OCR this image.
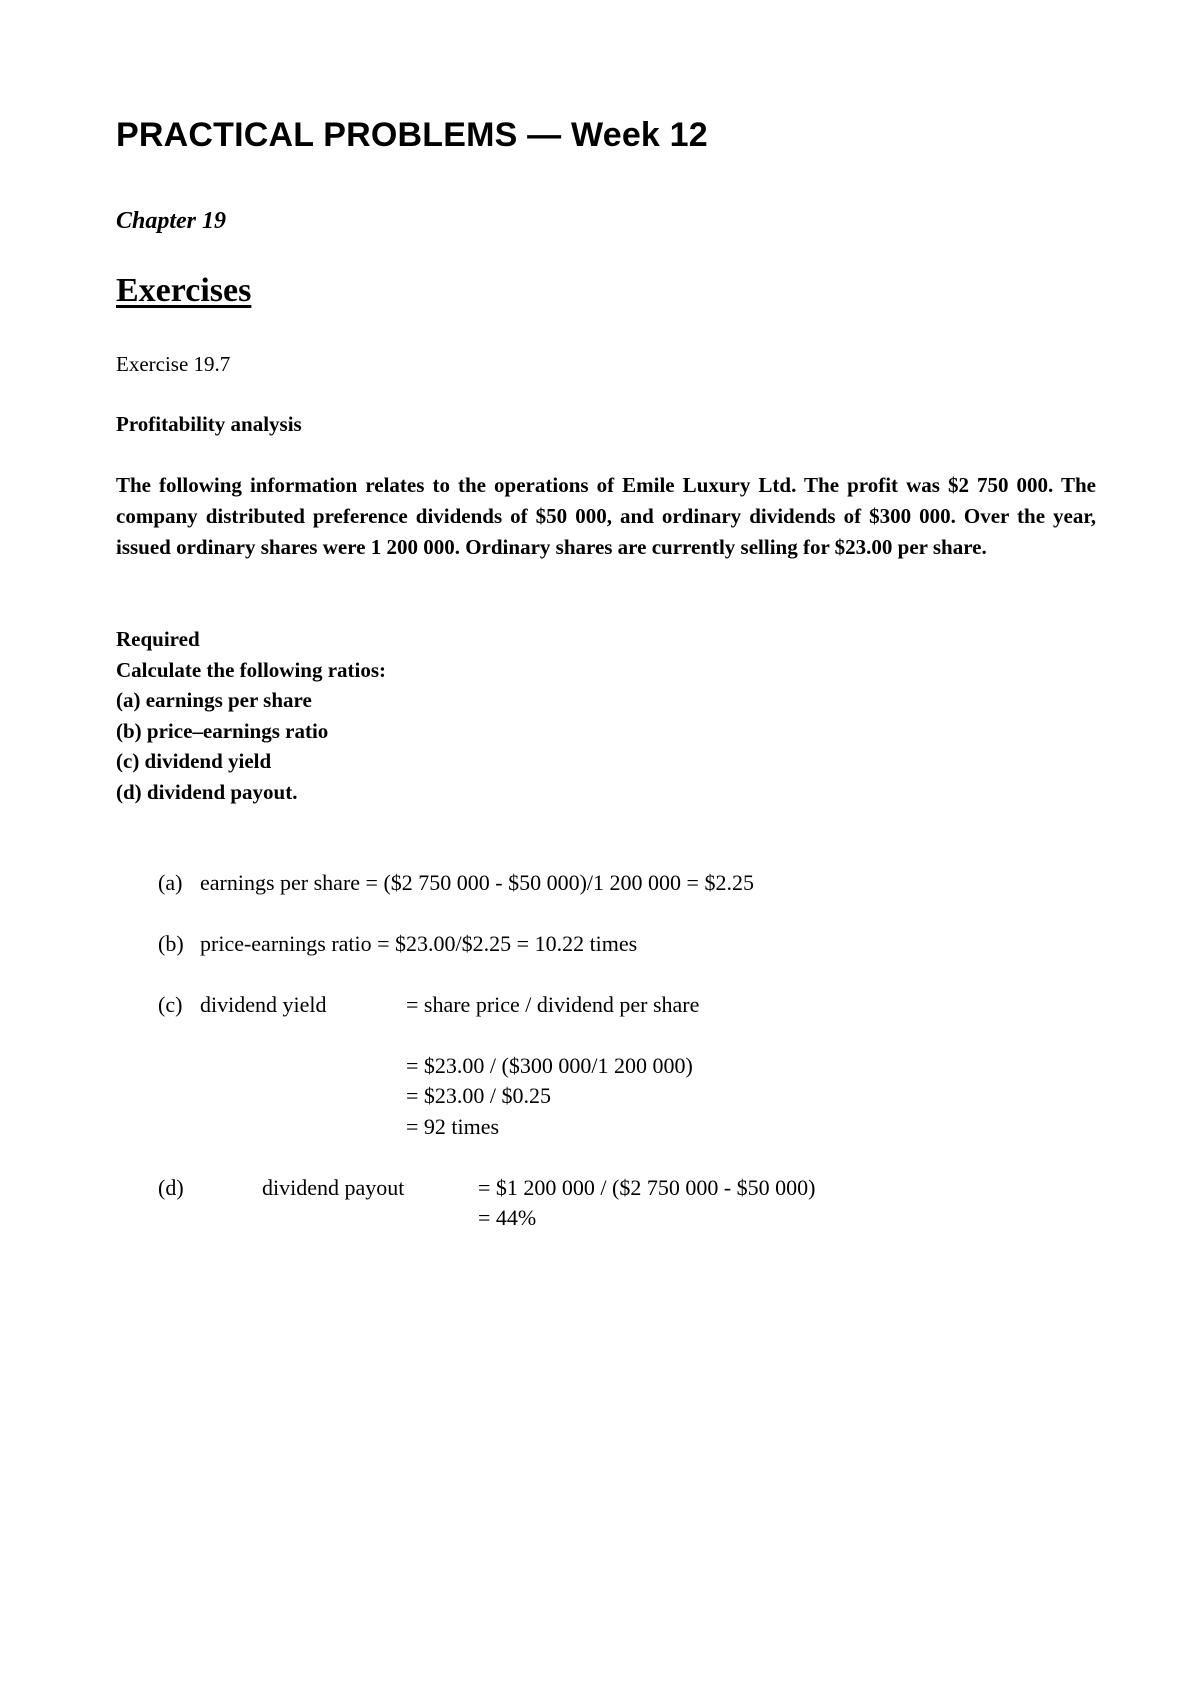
PRACTICAL PROBLEMS — Week 12
Chapter 19
Exercises
Exercise 19.7
Profitability analysis
The following information relates to the operations of Emile Luxury Ltd. The profit was $2 750 000. The company distributed preference dividends of $50 000, and ordinary dividends of $300 000. Over the year, issued ordinary shares were 1 200 000. Ordinary shares are currently selling for $23.00 per share.
Required
Calculate the following ratios:
(a) earnings per share
(b) price–earnings ratio
(c) dividend yield
(d) dividend payout.
(a) earnings per share = ($2 750 000 - $50 000)/1 200 000 = $2.25
(b) price-earnings ratio = $23.00/$2.25 = 10.22 times
(c) dividend yield	= share price / dividend per share
= $23.00 / ($300 000/1 200 000)
= $23.00 / $0.25
= 92 times
(d)	dividend payout	= $1 200 000 / ($2 750 000 - $50 000)
= 44%
